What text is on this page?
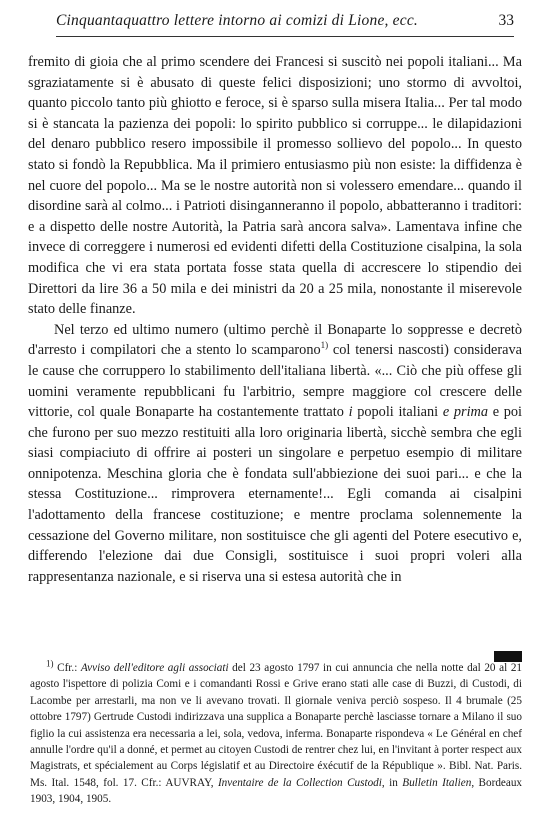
Cinquantaquattro lettere intorno ai comizi di Lione, ecc.	33

fremito di gioia che al primo scendere dei Francesi si suscitò nei popoli italiani... Ma sgraziatamente si è abusato di queste felici disposizioni; uno stormo di avvoltoi, quanto piccolo tanto più ghiotto e feroce, si è sparso sulla misera Italia... Per tal modo si è stancata la pazienza dei popoli: lo spirito pubblico si corruppe... le dilapidazioni del denaro pubblico resero impossibile il promesso sollievo del popolo... In questo stato si fondò la Repubblica. Ma il primiero entusiasmo più non esiste: la diffidenza è nel cuore del popolo... Ma se le nostre autorità non si volessero emendare... quando il disordine sarà al colmo... i Patrioti disinganneranno il popolo, abbatteranno i traditori: e a dispetto delle nostre Autorità, la Patria sarà ancora salva». Lamentava infine che invece di correggere i numerosi ed evidenti difetti della Costituzione cisalpina, la sola modifica che vi era stata portata fosse stata quella di accrescere lo stipendio dei Direttori da lire 36 a 50 mila e dei ministri da 20 a 25 mila, nonostante il miserevole stato delle finanze.

Nel terzo ed ultimo numero (ultimo perchè il Bonaparte lo soppresse e decretò d'arresto i compilatori che a stento lo scamparono$^{1)}$ col tenersi nascosti) considerava le cause che corruppero lo stabilimento dell'italiana libertà. «... Ciò che più offese gli uomini veramente repubblicani fu l'arbitrio, sempre maggiore col crescere delle vittorie, col quale Bonaparte ha costantemente trattato i popoli italiani e prima e poi che furono per suo mezzo restituiti alla loro originaria libertà, sicchè sembra che egli siasi compiaciuto di offrire ai posteri un singolare e perpetuo esempio di militare onnipotenza. Meschina gloria che è fondata sull'abbiezione dei suoi pari... e che la stessa Costituzione... rimprovera eternamente!... Egli comanda ai cisalpini l'adottamento della francese costituzione; e mentre proclama solennemente la cessazione del Governo militare, non sostituisce che gli agenti del Potere esecutivo e, differendo l'elezione dai due Consigli, sostituisce i suoi propri voleri alla rappresentanza nazionale, e si riserva una si estesa autorità che in

$^{1)}$ Cfr.: Avviso dell'editore agli associati del 23 agosto 1797 in cui annuncia che nella notte dal 20 al 21 agosto l'ispettore di polizia Comi e i comandanti Rossi e Grive erano stati alle case di Buzzi, di Custodi, di Lacombe per arrestarli, ma non ve li avevano trovati. Il giornale veniva perciò sospeso. Il 4 brumale (25 ottobre 1797) Gertrude Custodi indirizzava una supplica a Bonaparte perchè lasciasse tornare a Milano il suo figlio la cui assistenza era necessaria a lei, sola, vedova, inferma. Bonaparte rispondeva « Le Général en chef annulle l'ordre qu'il a donné, et permet au citoyen Custodi de rentrer chez lui, en l'invitant à porter respect aux Magistrats, et spécialement au Corps législatif et au Directoire éxécutif de la République ». Bibl. Nat. Paris. Ms. Ital. 1548, fol. 17. Cfr.: AUVRAY, Inventaire de la Collection Custodi, in Bulletin Italien, Bordeaux 1903, 1904, 1905.
